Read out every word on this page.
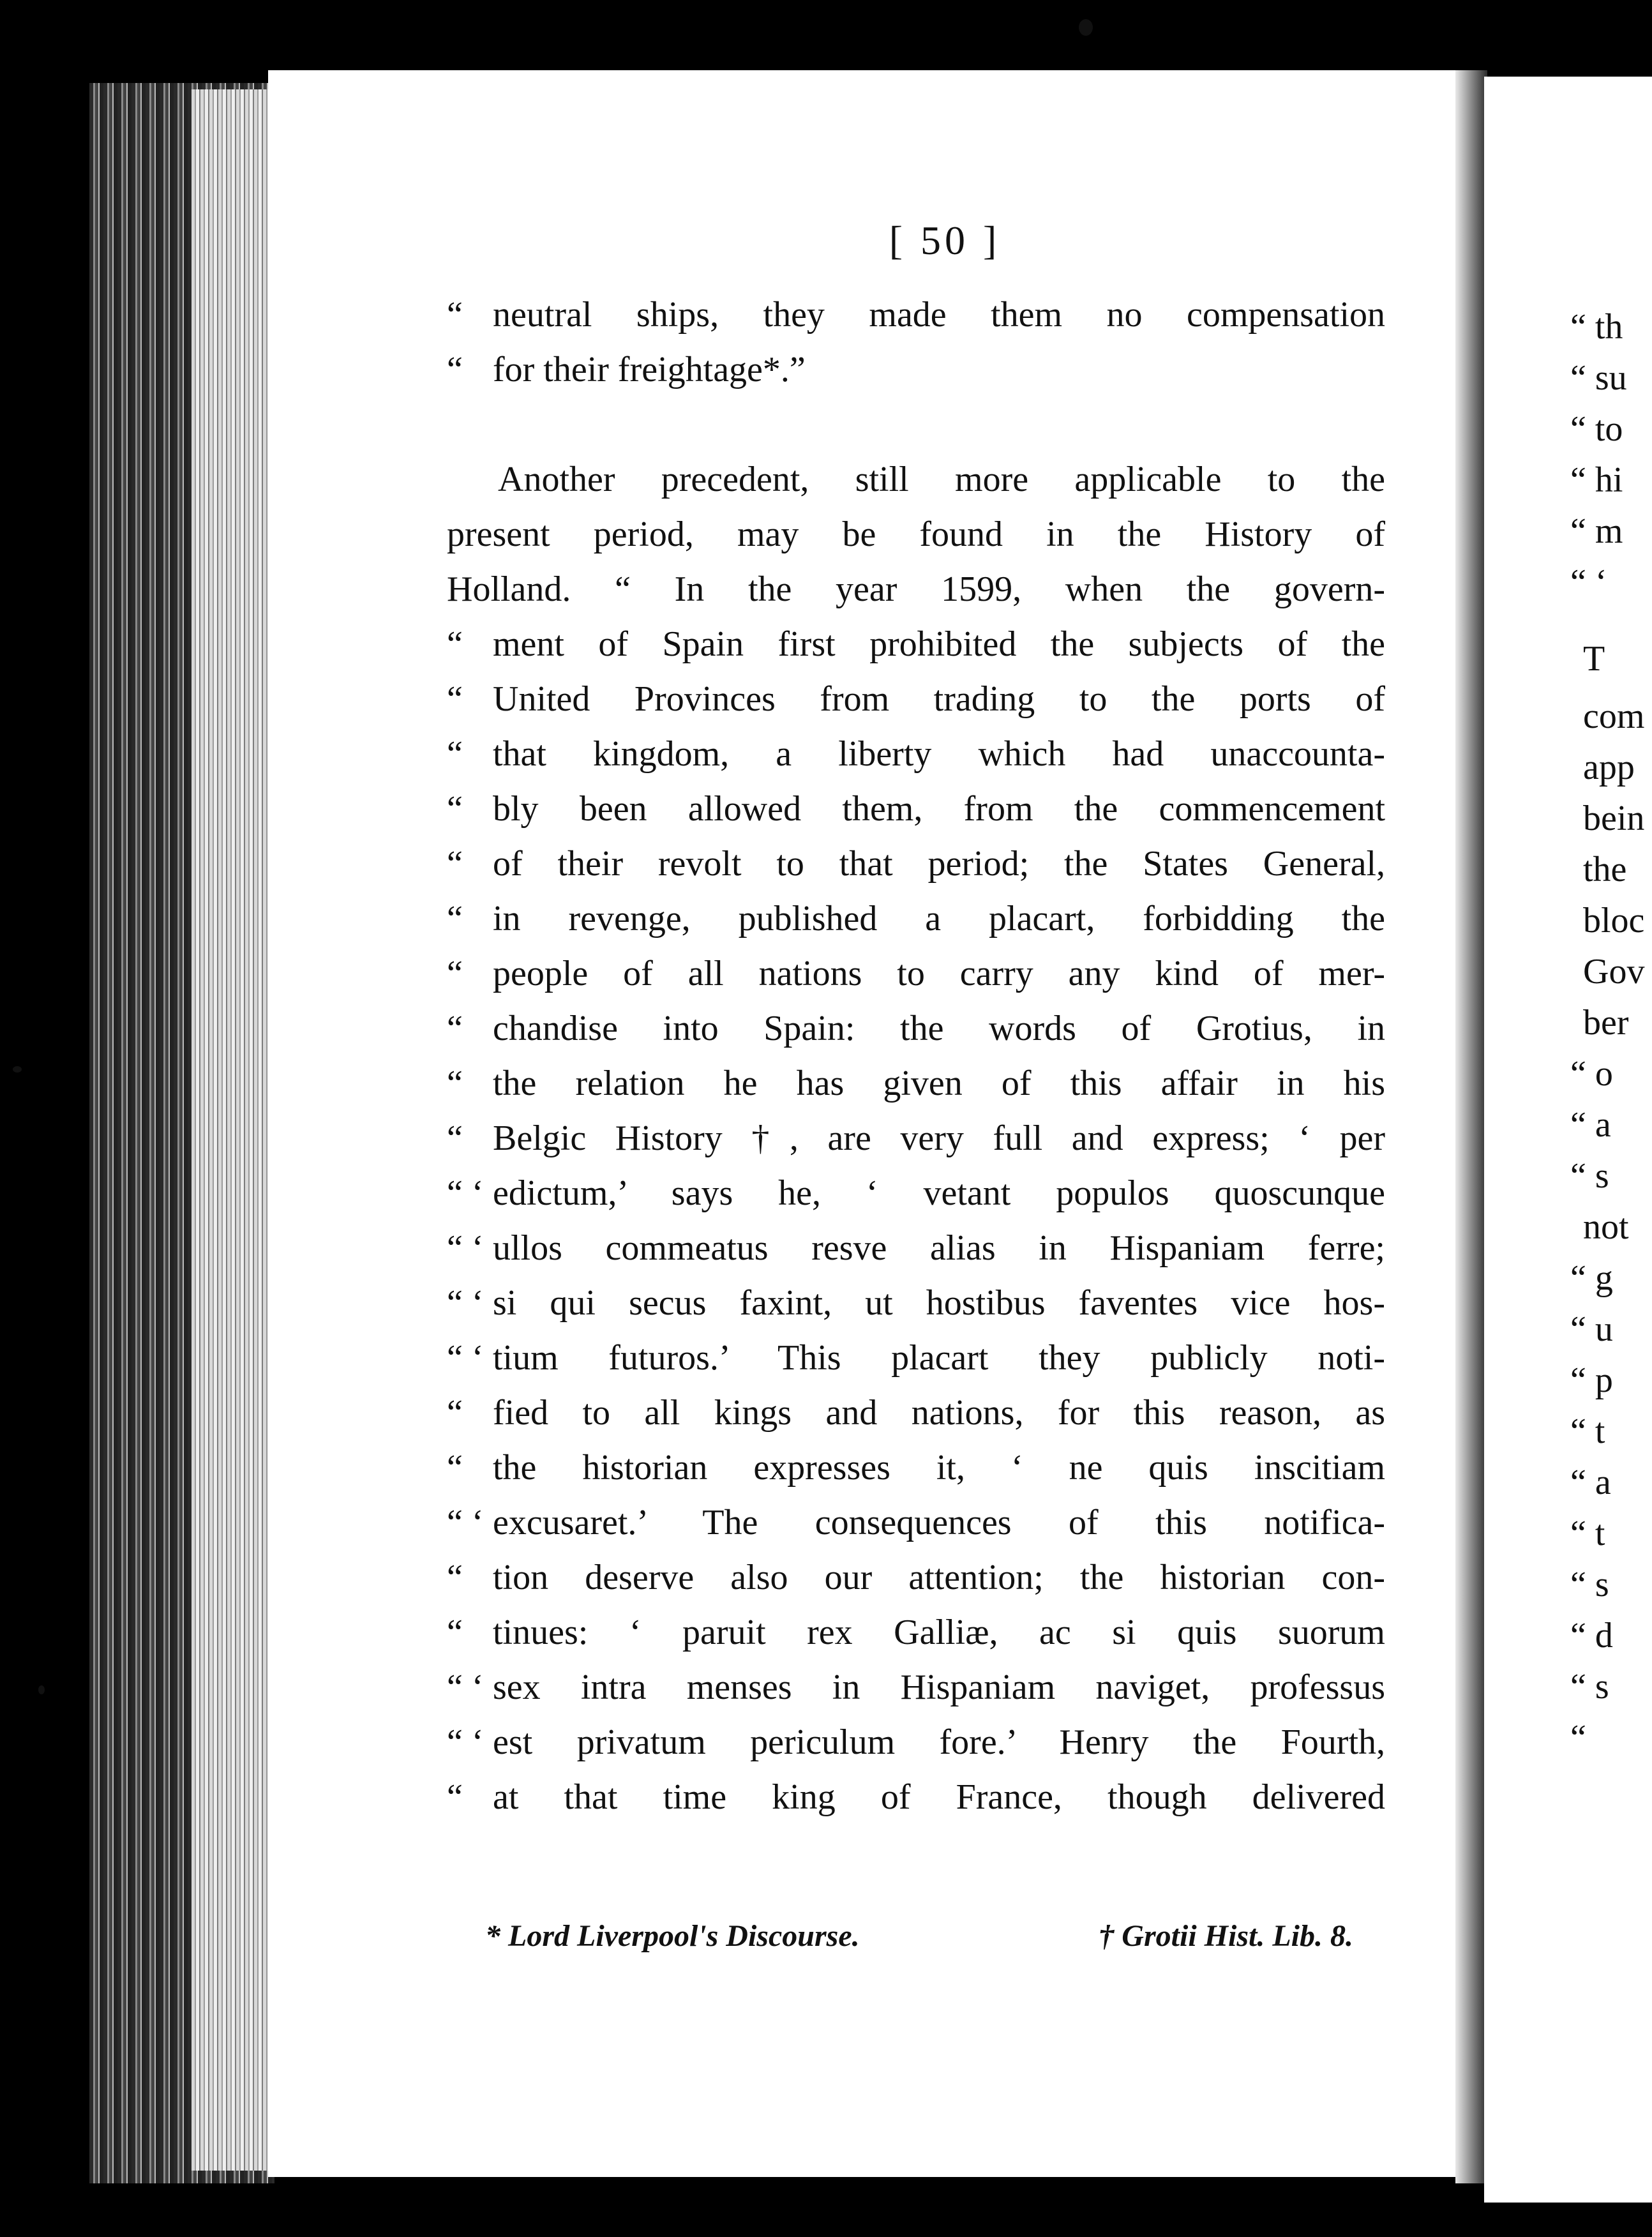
[ 50 ]
“ neutral ships, they made them no compensation
“ for their freightage*.”
Another precedent, still more applicable to the
present period, may be found in the History of
Holland. “ In the year 1599, when the govern-
“ ment of Spain first prohibited the subjects of the
“ United Provinces from trading to the ports of
“ that kingdom, a liberty which had unaccounta-
“ bly been allowed them, from the commencement
“ of their revolt to that period; the States General,
“ in revenge, published a placart, forbidding the
“ people of all nations to carry any kind of mer-
“ chandise into Spain: the words of Grotius, in
“ the relation he has given of this affair in his
“ Belgic History †, are very full and express; ‘ per
“ ‘ edictum,’ says he, ‘ vetant populos quoscunque
“ ‘ ullos commeatus resve alias in Hispaniam ferre;
“ ‘ si qui secus faxint, ut hostibus faventes vice hos-
“ ‘ tium futuros.’ This placart they publicly noti-
“ fied to all kings and nations, for this reason, as
“ the historian expresses it, ‘ ne quis inscitiam
“ ‘ excusaret.’ The consequences of this notifica-
“ tion deserve also our attention; the historian con-
“ tinues: ‘ paruit rex Galliæ, ac si quis suorum
“ ‘ sex intra menses in Hispaniam naviget, professus
“ ‘ est privatum periculum fore.’ Henry the Fourth,
“ at that time king of France, though delivered
* Lord Liverpool's Discourse.	† Grotii Hist. Lib. 8.
“ th
“ su
“ to
“ hi
“ m
“ ‘
T
com
app
bein
the
bloc
Gov
ber
“ o
“ a
“ s
not
“ g
“ u
“ p
“ t
“ a
“ t
“ s
“ d
“ s
“
